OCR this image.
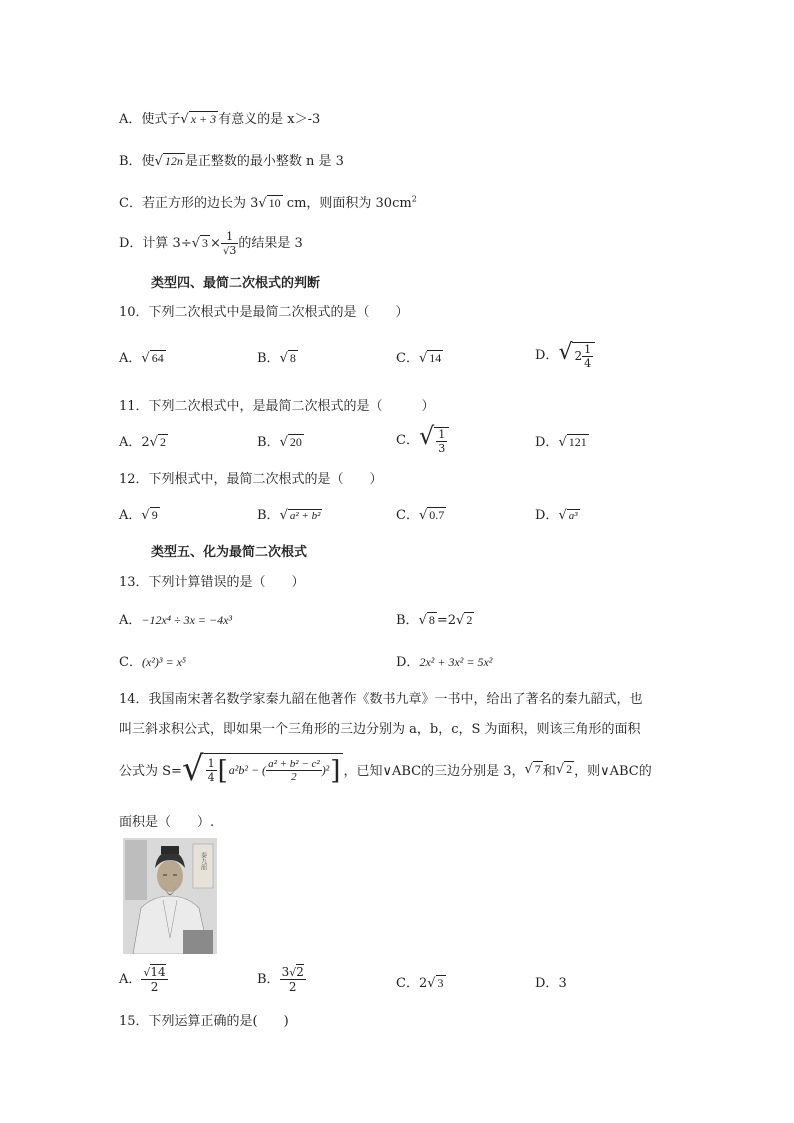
A．使式子√ x + 3 有意义的是 x＞-3
B．使√ 12n 是正整数的最小整数 n 是 3
C．若正方形的边长为 3√ 10 cm，则面积为 $30cm^2$
D．计算 3÷√ $3 \times \frac{1}{√3}$ 的结果是 3
类型四、最简二次根式的判断
10．下列二次根式中是最简二次根式的是（　　）
A．√ 64	B．√ 8	C．√ 14	D．√ $2 \frac{1}{4}$
11．下列二次根式中，是最简二次根式的是（　　　）
A．2√ 2	B．√ 20	C．√ $\frac{1}{3}$	D．√ 121
12．下列根式中，最简二次根式的是（　　）
A．√ 9	B．√ a² + b²	C．√ 0.7	D．√ a³
类型五、化为最简二次根式
13．下列计算错误的是（　　）
A．−12x⁴ ÷ 3x = −4x³	B．√ 8 =2√ 2
C．(x²)³ = x⁵	D．2x² + 3x² = 5x²
14．我国南宋著名数学家秦九韶在他著作《数书九章》一书中，给出了著名的秦九韶式，也
叫三斜求积公式，即如果一个三角形的三边分别为 a，b，c，S 为面积，则该三角形的面积
公式为 S= √ $\frac{1}{4}$ [ a²b² − ( $\frac{\text{a² + b² − c²}}{2} )^2$ ] ，已知∨ABC的三边分别是 3， √ 7 和 √ 2 ，则∨ABC的
面积是（　　）.
秦九韶
A． $\frac{√14}{2}$	B． $\frac{3√2}{2}$	C．2√ 3	D．3
15．下列运算正确的是(　　)
